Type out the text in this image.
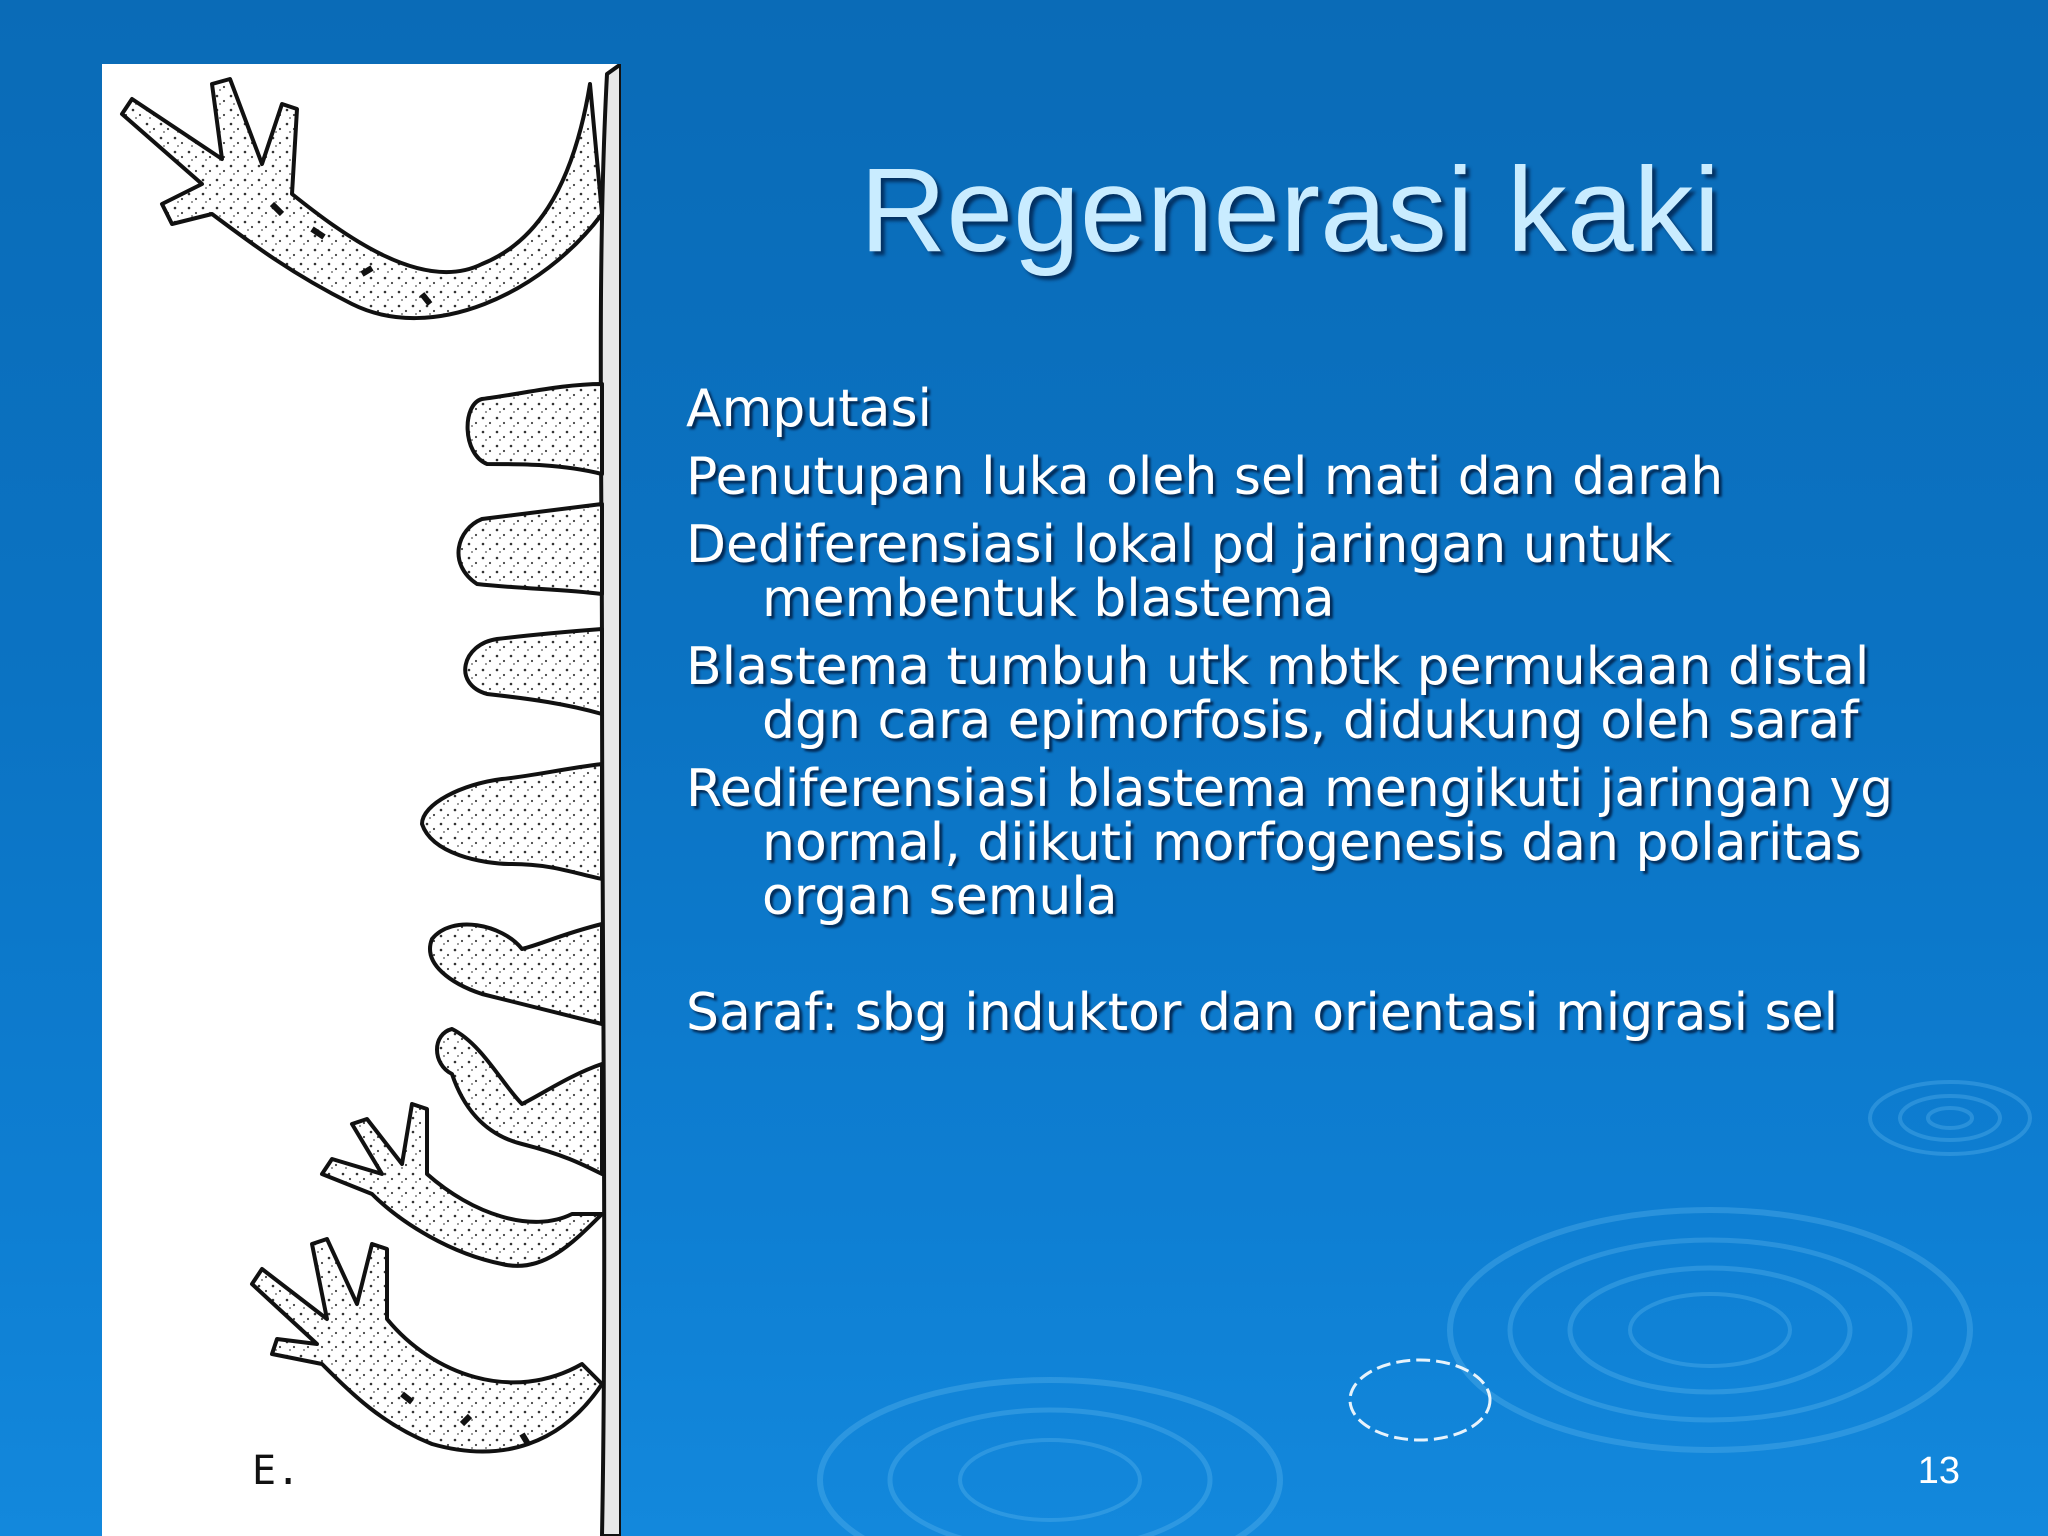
E.
Regenerasi kaki
Amputasi
Penutupan luka oleh sel mati dan darah
Dediferensiasi lokal pd jaringan untuk membentuk blastema
Blastema tumbuh utk mbtk permukaan distal dgn cara epimorfosis, didukung oleh saraf
Rediferensiasi blastema mengikuti jaringan yg normal, diikuti morfogenesis dan polaritas organ semula
Saraf: sbg induktor dan orientasi migrasi sel
13
